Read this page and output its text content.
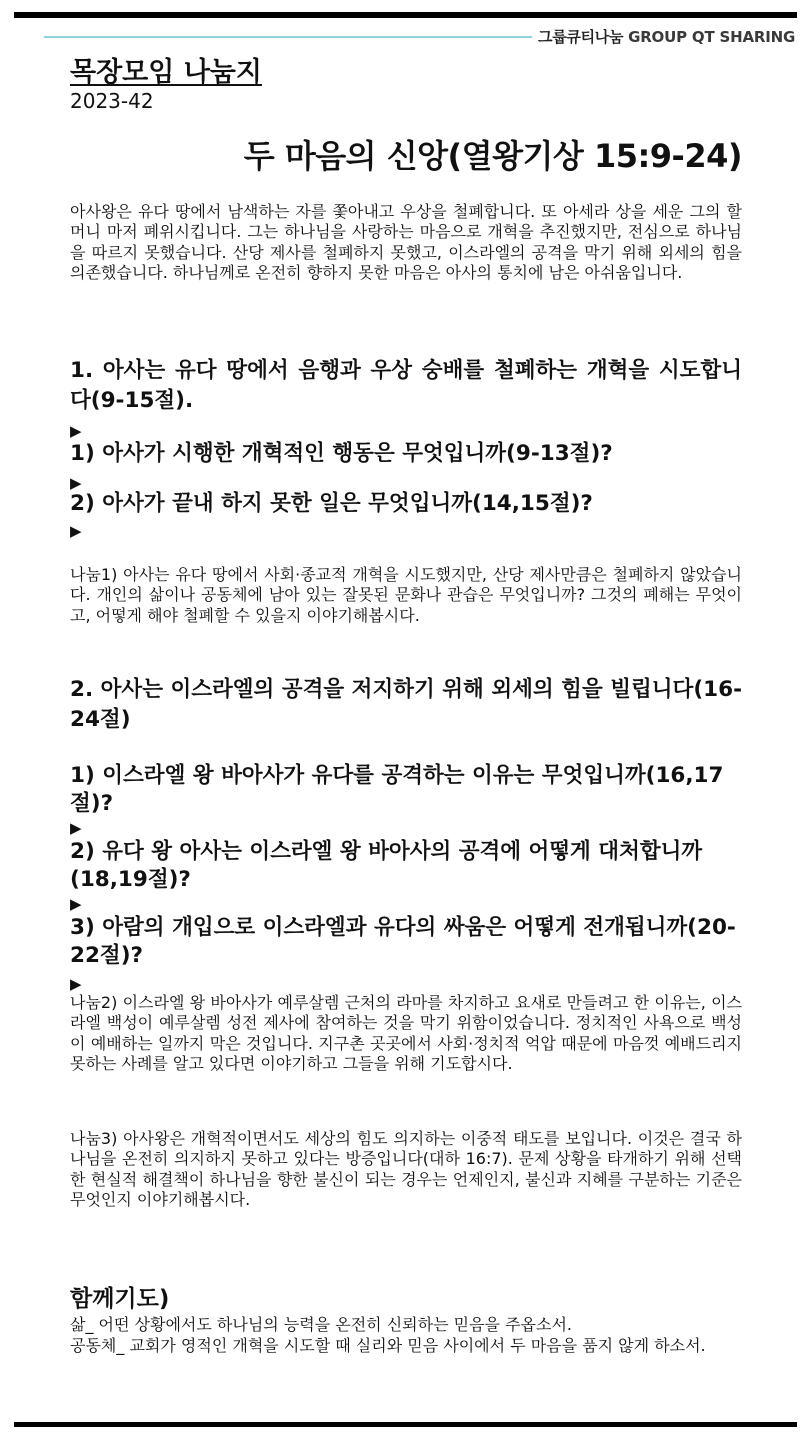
그룹큐티나눔 GROUP QT SHARING
목장모임 나눔지
2023-42
두 마음의 신앙(열왕기상 15:9-24)
아사왕은 유다 땅에서 남색하는 자를 쫓아내고 우상을 철폐합니다. 또 아세라 상을 세운 그의 할머니 마저 폐위시킵니다. 그는 하나님을 사랑하는 마음으로 개혁을 추진했지만, 전심으로 하나님을 따르지 못했습니다. 산당 제사를 철폐하지 못했고, 이스라엘의 공격을 막기 위해 외세의 힘을 의존했습니다. 하나님께로 온전히 향하지 못한 마음은 아사의 통치에 남은 아쉬움입니다.
1. 아사는 유다 땅에서 음행과 우상 숭배를 철폐하는 개혁을 시도합니다(9-15절).
▶
1) 아사가 시행한 개혁적인 행동은 무엇입니까(9-13절)?
▶
2) 아사가 끝내 하지 못한 일은 무엇입니까(14,15절)?
▶
나눔1) 아사는 유다 땅에서 사회·종교적 개혁을 시도했지만, 산당 제사만큼은 철폐하지 않았습니다. 개인의 삶이나 공동체에 남아 있는 잘못된 문화나 관습은 무엇입니까? 그것의 폐해는 무엇이고, 어떻게 해야 철폐할 수 있을지 이야기해봅시다.
2. 아사는 이스라엘의 공격을 저지하기 위해 외세의 힘을 빌립니다(16-24절)
1) 이스라엘 왕 바아사가 유다를 공격하는 이유는 무엇입니까(16,17절)?
▶
2) 유다 왕 아사는 이스라엘 왕 바아사의 공격에 어떻게 대처합니까(18,19절)?
▶
3) 아람의 개입으로 이스라엘과 유다의 싸움은 어떻게 전개됩니까(20-22절)?
▶
나눔2) 이스라엘 왕 바아사가 예루살렘 근처의 라마를 차지하고 요새로 만들려고 한 이유는, 이스라엘 백성이 예루살렘 성전 제사에 참여하는 것을 막기 위함이었습니다. 정치적인 사욕으로 백성이 예배하는 일까지 막은 것입니다. 지구촌 곳곳에서 사회·정치적 억압 때문에 마음껏 예배드리지 못하는 사례를 알고 있다면 이야기하고 그들을 위해 기도합시다.
나눔3) 아사왕은 개혁적이면서도 세상의 힘도 의지하는 이중적 태도를 보입니다. 이것은 결국 하나님을 온전히 의지하지 못하고 있다는 방증입니다(대하 16:7). 문제 상황을 타개하기 위해 선택한 현실적 해결책이 하나님을 향한 불신이 되는 경우는 언제인지, 불신과 지혜를 구분하는 기준은 무엇인지 이야기해봅시다.
함께기도)
삶_ 어떤 상황에서도 하나님의 능력을 온전히 신뢰하는 믿음을 주옵소서.
공동체_ 교회가 영적인 개혁을 시도할 때 실리와 믿음 사이에서 두 마음을 품지 않게 하소서.
